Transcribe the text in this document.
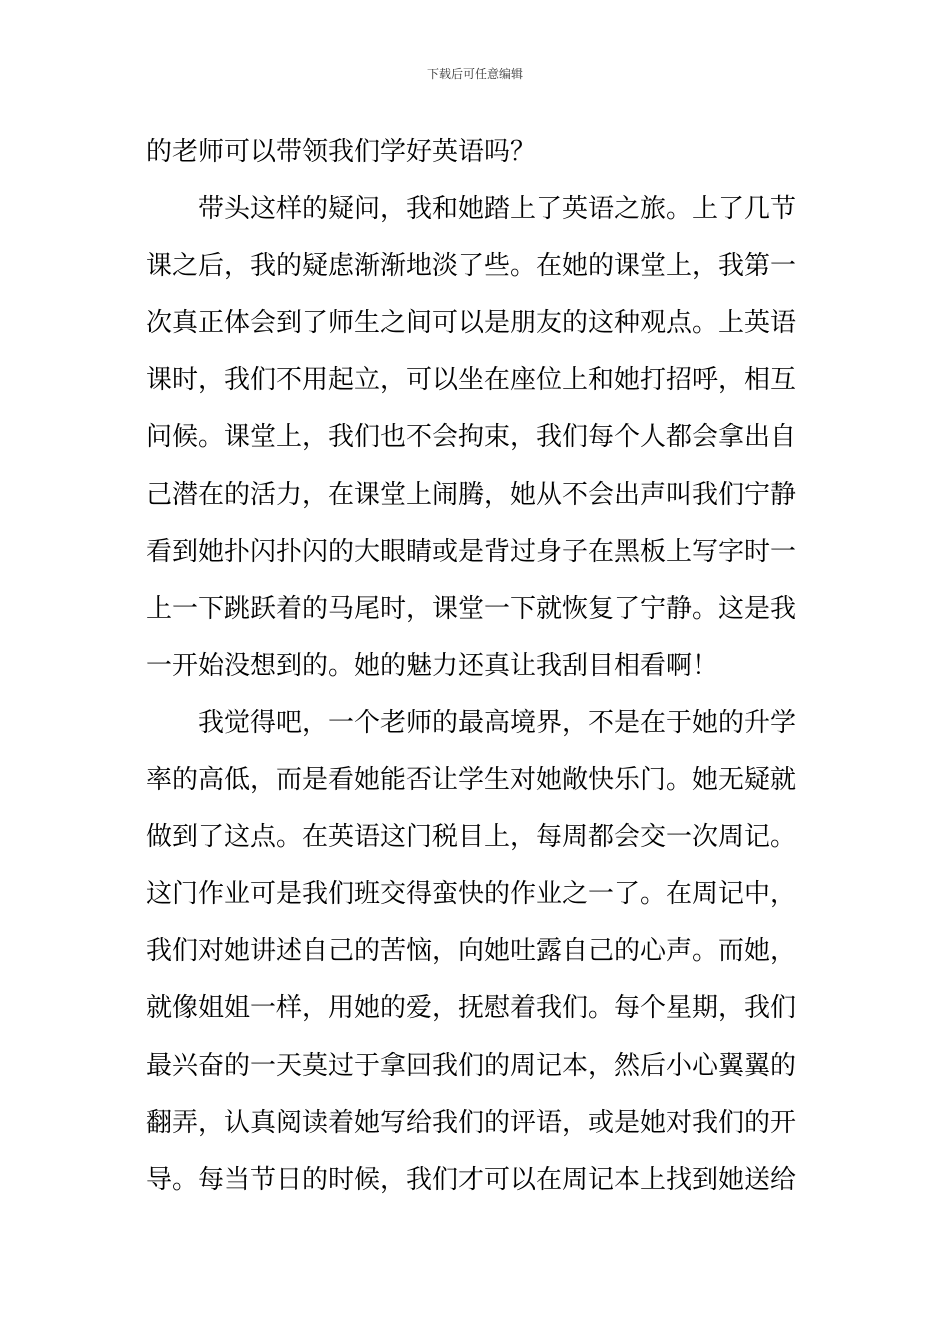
下载后可任意编辑
的老师可以带领我们学好英语吗？
带头这样的疑问，我和她踏上了英语之旅。上了几节
课之后，我的疑虑渐渐地淡了些。在她的课堂上，我第一
次真正体会到了师生之间可以是朋友的这种观点。上英语
课时，我们不用起立，可以坐在座位上和她打招呼，相互
问候。课堂上，我们也不会拘束，我们每个人都会拿出自
己潜在的活力，在课堂上闹腾，她从不会出声叫我们宁静
看到她扑闪扑闪的大眼睛或是背过身子在黑板上写字时一
上一下跳跃着的马尾时，课堂一下就恢复了宁静。这是我
一开始没想到的。她的魅力还真让我刮目相看啊！
我觉得吧，一个老师的最高境界，不是在于她的升学
率的高低，而是看她能否让学生对她敞快乐门。她无疑就
做到了这点。在英语这门税目上，每周都会交一次周记。
这门作业可是我们班交得蛮快的作业之一了。在周记中，
我们对她讲述自己的苦恼，向她吐露自己的心声。而她，
就像姐姐一样，用她的爱，抚慰着我们。每个星期，我们
最兴奋的一天莫过于拿回我们的周记本，然后小心翼翼的
翻弄，认真阅读着她写给我们的评语，或是她对我们的开
导。每当节日的时候，我们才可以在周记本上找到她送给
